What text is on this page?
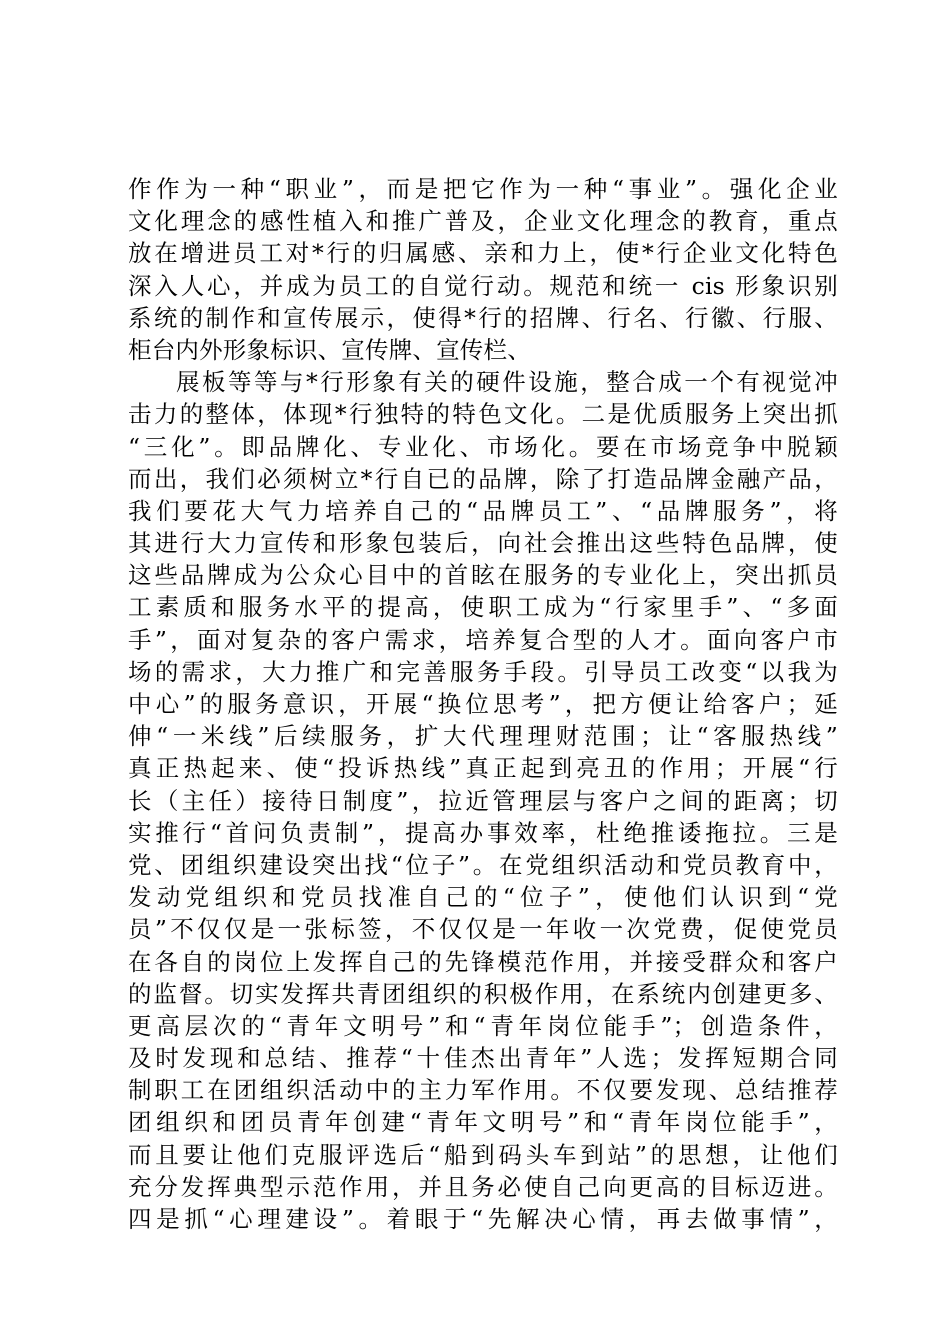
作作为一种“职业”，而是把它作为一种“事业”。强化企业
文化理念的感性植入和推广普及，企业文化理念的教育，重点
放在增进员工对*行的归属感、亲和力上，使*行企业文化特色
深入人心，并成为员工的自觉行动。规范和统一 cis 形象识别
系统的制作和宣传展示，使得*行的招牌、行名、行徽、行服、
柜台内外形象标识、宣传牌、宣传栏、
展板等等与*行形象有关的硬件设施，整合成一个有视觉冲
击力的整体，体现*行独特的特色文化。二是优质服务上突出抓
“三化”。即品牌化、专业化、市场化。要在市场竞争中脱颖
而出，我们必须树立*行自已的品牌，除了打造品牌金融产品，
我们要花大气力培养自己的“品牌员工”、“品牌服务”，将
其进行大力宣传和形象包装后，向社会推出这些特色品牌，使
这些品牌成为公众心目中的首眩在服务的专业化上，突出抓员
工素质和服务水平的提高，使职工成为“行家里手”、“多面
手”，面对复杂的客户需求，培养复合型的人才。面向客户市
场的需求，大力推广和完善服务手段。引导员工改变“以我为
中心”的服务意识，开展“换位思考”，把方便让给客户；延
伸“一米线”后续服务，扩大代理理财范围；让“客服热线”
真正热起来、使“投诉热线”真正起到亮丑的作用；开展“行
长（主任）接待日制度”，拉近管理层与客户之间的距离；切
实推行“首问负责制”，提高办事效率，杜绝推诿拖拉。三是
党、团组织建设突出找“位子”。在党组织活动和党员教育中，
发动党组织和党员找准自己的“位子”，使他们认识到“党
员”不仅仅是一张标签，不仅仅是一年收一次党费，促使党员
在各自的岗位上发挥自己的先锋模范作用，并接受群众和客户
的监督。切实发挥共青团组织的积极作用，在系统内创建更多、
更高层次的“青年文明号”和“青年岗位能手”；创造条件，
及时发现和总结、推荐“十佳杰出青年”人选；发挥短期合同
制职工在团组织活动中的主力军作用。不仅要发现、总结推荐
团组织和团员青年创建“青年文明号”和“青年岗位能手”，
而且要让他们克服评选后“船到码头车到站”的思想，让他们
充分发挥典型示范作用，并且务必使自己向更高的目标迈进。
四是抓“心理建设”。着眼于“先解决心情，再去做事情”，
